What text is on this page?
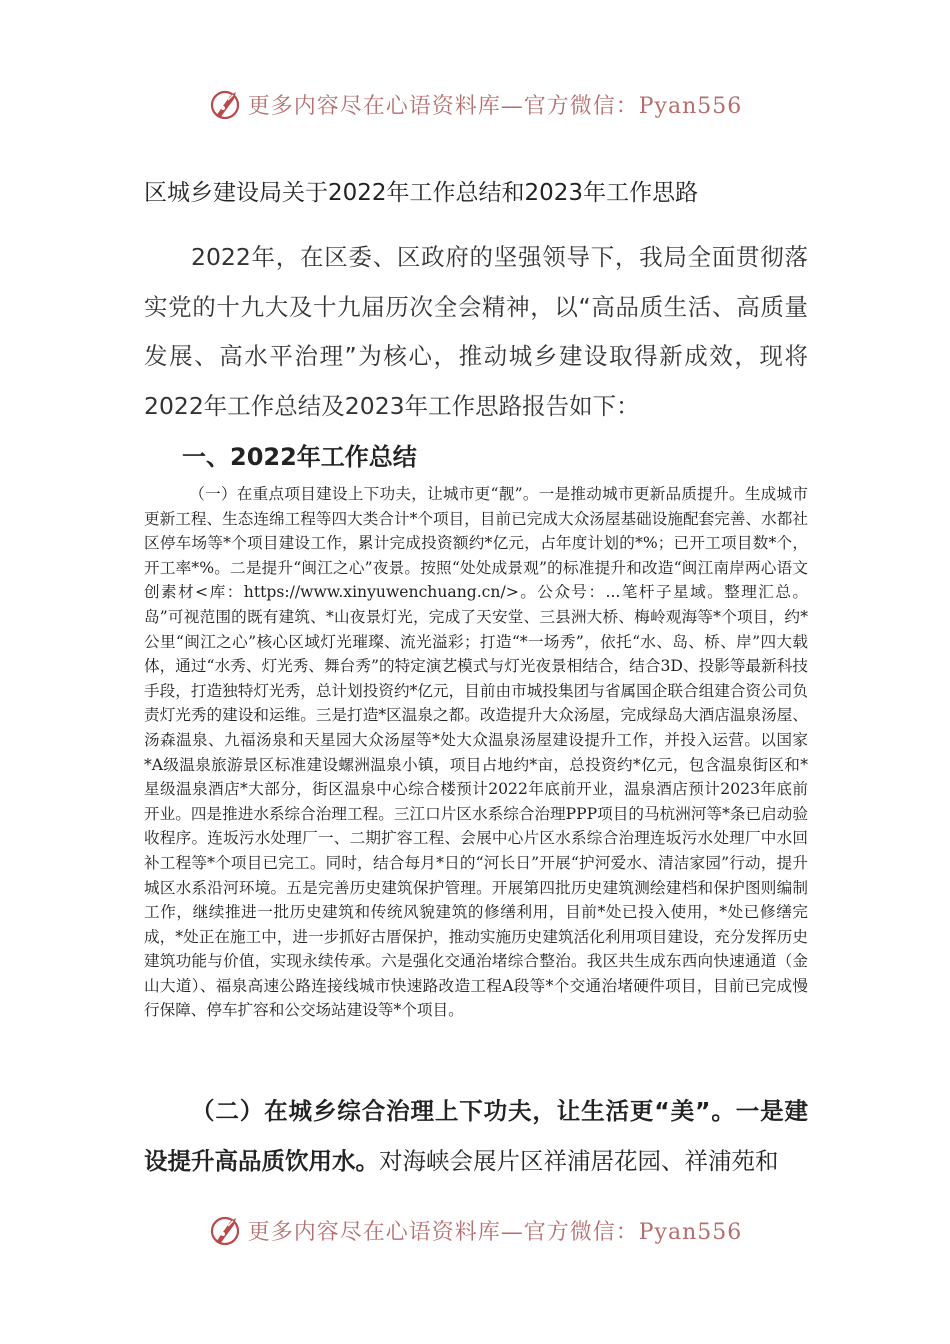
更多内容尽在心语资料库—官方微信：Pyan556
区城乡建设局关于2022年工作总结和2023年工作思路

2022年，在区委、区政府的坚强领导下，我局全面贯彻落实党的十九大及十九届历次全会精神，以“高品质生活、高质量发展、高水平治理”为核心，推动城乡建设取得新成效，现将2022年工作总结及2023年工作思路报告如下：

一、2022年工作总结

（一）在重点项目建设上下功夫，让城市更“靓”。一是推动城市更新品质提升。生成城市更新工程、生态连绵工程等四大类合计*个项目，目前已完成大众汤屋基础设施配套完善、水都社区停车场等*个项目建设工作，累计完成投资额约*亿元，占年度计划的*%；已开工项目数*个，开工率*%。二是提升“闽江之心”夜景。按照“处处成景观”的标准提升和改造“闽江南岸两心语文创素材<库：https://www.xinyuwenchuang.cn/>。公众号：...笔杆子星域。整理汇总。岛”可视范围的既有建筑、*山夜景灯光，完成了天安堂、三县洲大桥、梅岭观海等*个项目，约*公里“闽江之心”核心区域灯光璀璨、流光溢彩；打造“*一场秀”，依托“水、岛、桥、岸”四大载体，通过“水秀、灯光秀、舞台秀”的特定演艺模式与灯光夜景相结合，结合3D、投影等最新科技手段，打造独特灯光秀，总计划投资约*亿元，目前由市城投集团与省属国企联合组建合资公司负责灯光秀的建设和运维。三是打造*区温泉之都。改造提升大众汤屋，完成绿岛大酒店温泉汤屋、汤森温泉、九福汤泉和天星园大众汤屋等*处大众温泉汤屋建设提升工作，并投入运营。以国家*A级温泉旅游景区标准建设螺洲温泉小镇，项目占地约*亩，总投资约*亿元，包含温泉街区和*星级温泉酒店*大部分，街区温泉中心综合楼预计2022年底前开业，温泉酒店预计2023年底前开业。四是推进水系综合治理工程。三江口片区水系综合治理PPP项目的马杭洲河等*条已启动验收程序。连坂污水处理厂一、二期扩容工程、会展中心片区水系综合治理连坂污水处理厂中水回补工程等*个项目已完工。同时，结合每月*日的“河长日”开展“护河爱水、清洁家园”行动，提升城区水系沿河环境。五是完善历史建筑保护管理。开展第四批历史建筑测绘建档和保护图则编制工作，继续推进一批历史建筑和传统风貌建筑的修缮利用，目前*处已投入使用，*处已修缮完成，*处正在施工中，进一步抓好古厝保护，推动实施历史建筑活化利用项目建设，充分发挥历史建筑功能与价值，实现永续传承。六是强化交通治堵综合整治。我区共生成东西向快速通道（金山大道）、福泉高速公路连接线城市快速路改造工程A段等*个交通治堵硬件项目，目前已完成慢行保障、停车扩容和公交场站建设等*个项目。

（二）在城乡综合治理上下功夫，让生活更“美”。一是建设提升高品质饮用水。对海峡会展片区祥浦居花园、祥浦苑和

更多内容尽在心语资料库—官方微信：Pyan556
